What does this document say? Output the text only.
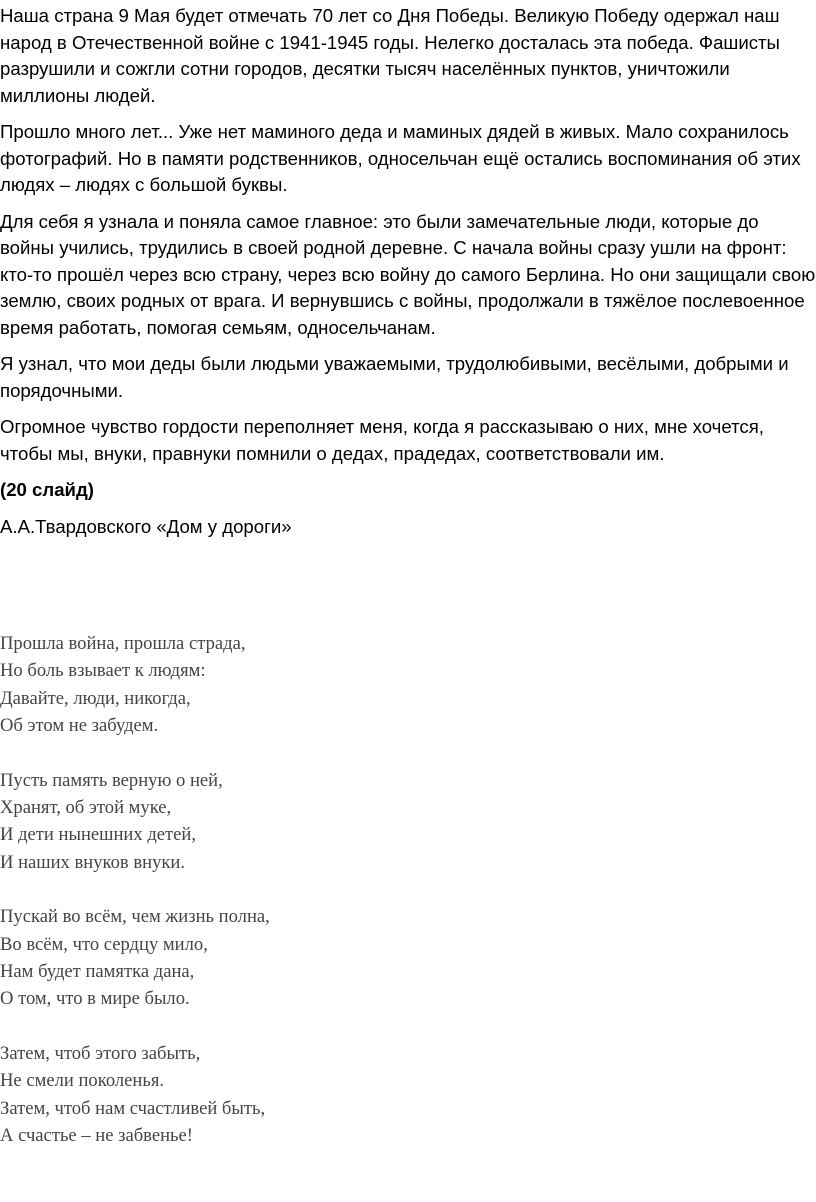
Наша страна 9 Мая будет отмечать 70 лет со Дня Победы. Великую Победу одержал наш народ в Отечественной войне с 1941-1945 годы. Нелегко досталась эта победа. Фашисты разрушили и сожгли сотни городов, десятки тысяч населённых пунктов, уничтожили миллионы людей.

Прошло много лет... Уже нет маминого деда и маминых дядей в живых. Мало сохранилось фотографий. Но в памяти родственников, односельчан ещё остались воспоминания об этих людях – людях с большой буквы.

Для себя я узнала и поняла самое главное: это были замечательные люди, которые до войны учились, трудились в своей родной деревне. С начала войны сразу ушли на фронт: кто-то прошёл через всю страну, через всю войну до самого Берлина. Но они защищали свою землю, своих родных от врага. И вернувшись с войны, продолжали в тяжёлое послевоенное время работать, помогая семьям, односельчанам.

Я узнал, что мои деды были людьми уважаемыми, трудолюбивыми, весёлыми, добрыми и порядочными.

Огромное чувство гордости переполняет меня, когда я рассказываю о них, мне хочется, чтобы мы, внуки, правнуки помнили о дедах, прадедах, соответствовали им.

(20 слайд)

А.А.Твардовского «Дом у дороги»

Прошла война, прошла страда,
Но боль взывает к людям:
Давайте, люди, никогда,
Об этом не забудем.
Пусть память верную о ней,
Хранят, об этой муке,
И дети нынешних детей,
И наших внуков внуки.
Пускай во всём, чем жизнь полна,
Во всём, что сердцу мило,
Нам будет памятка дана,
О том, что в мире было.
Затем, чтоб этого забыть,
Не смели поколенья.
Затем, чтоб нам счастливей быть,
А счастье – не забвенье!
